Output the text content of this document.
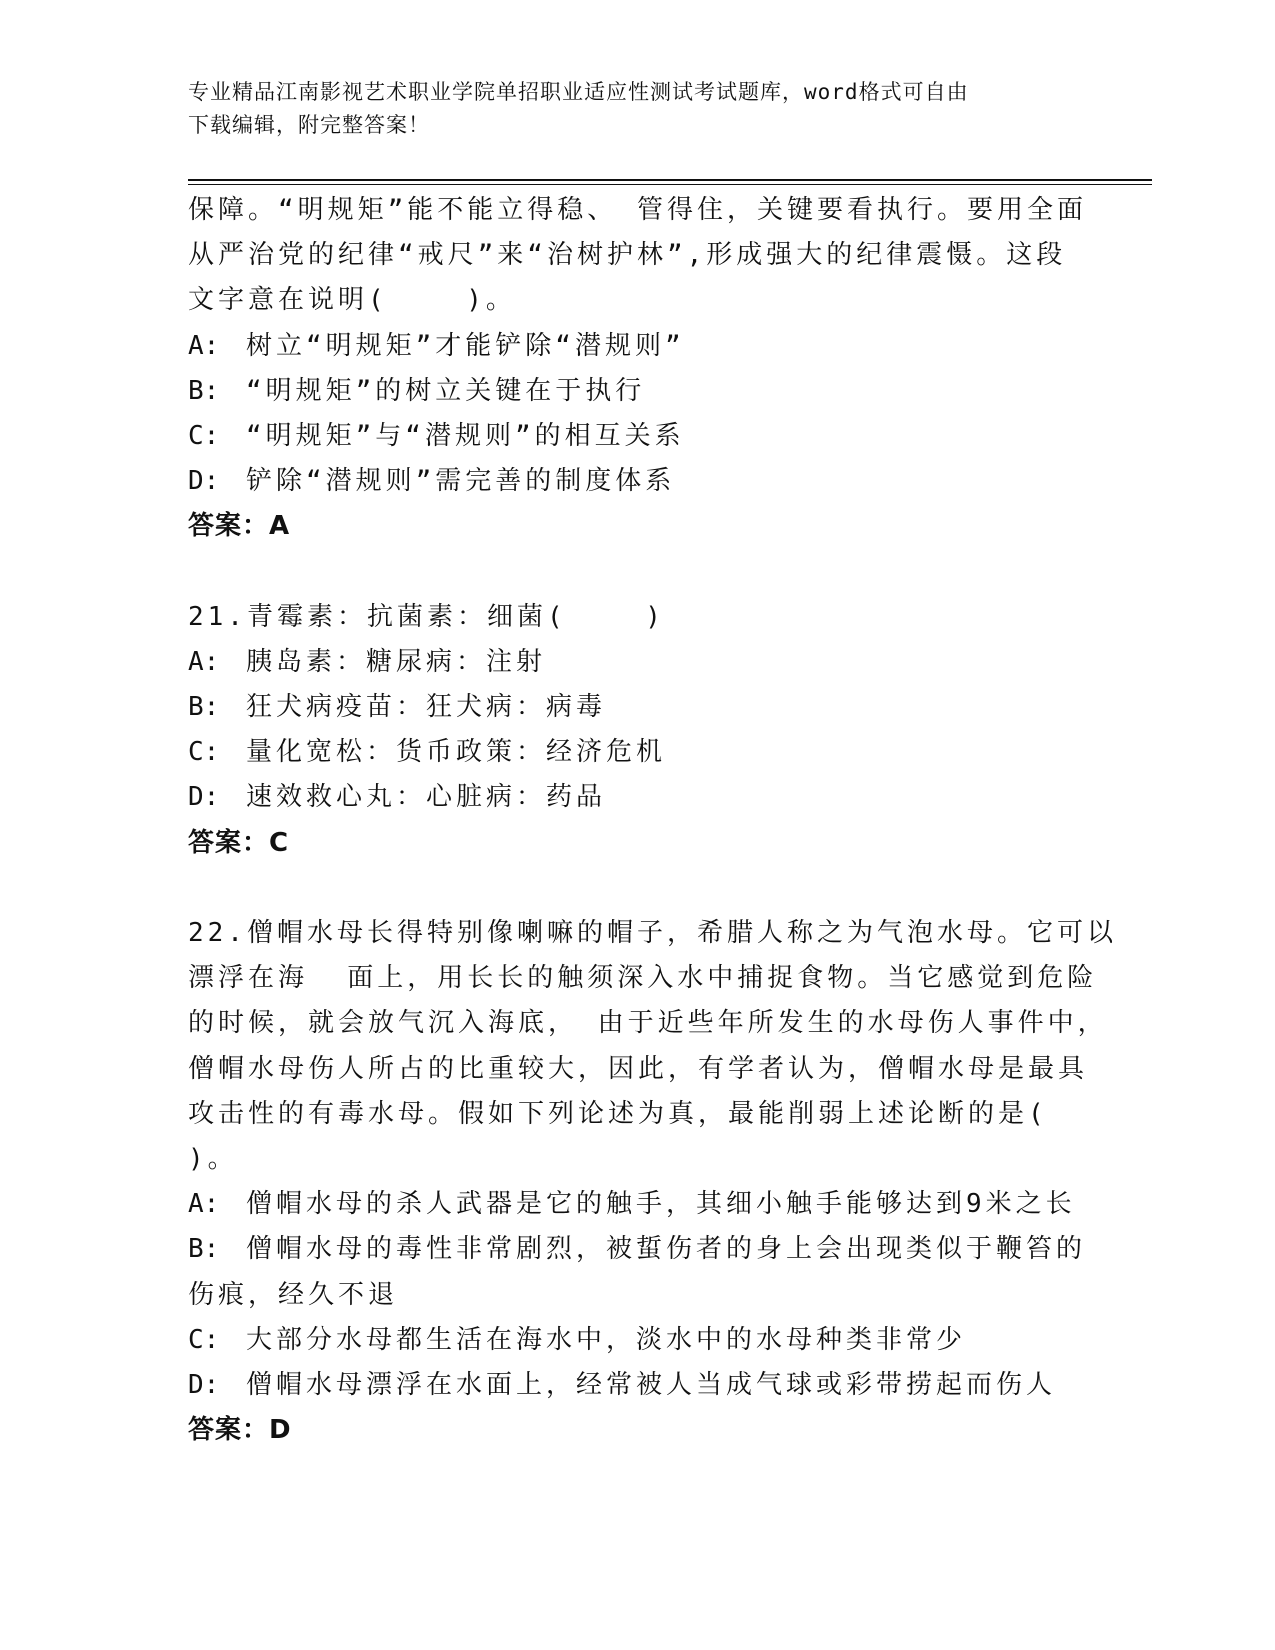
专业精品江南影视艺术职业学院单招职业适应性测试考试题库，word格式可自由
下载编辑，附完整答案！
保障。“明规矩”能不能立得稳、 管得住，关键要看执行。要用全面
从严治党的纪律“戒尺”来“治树护林”,形成强大的纪律震慑。这段
文字意在说明(    )。
A: 树立“明规矩”才能铲除“潜规则”
B: “明规矩”的树立关键在于执行
C: “明规矩”与“潜规则”的相互关系
D: 铲除“潜规则”需完善的制度体系
答案：A
21.青霉素：抗菌素：细菌(    )
A: 胰岛素：糖尿病：注射
B: 狂犬病疫苗：狂犬病：病毒
C: 量化宽松：货币政策：经济危机
D: 速效救心丸：心脏病：药品
答案：C
22.僧帽水母长得特别像喇嘛的帽子，希腊人称之为气泡水母。它可以
漂浮在海  面上，用长长的触须深入水中捕捉食物。当它感觉到危险
的时候，就会放气沉入海底， 由于近些年所发生的水母伤人事件中，
僧帽水母伤人所占的比重较大，因此，有学者认为，僧帽水母是最具
攻击性的有毒水母。假如下列论述为真，最能削弱上述论断的是(
)。
A: 僧帽水母的杀人武器是它的触手，其细小触手能够达到9米之长
B: 僧帽水母的毒性非常剧烈，被蜇伤者的身上会出现类似于鞭笞的
伤痕，经久不退
C: 大部分水母都生活在海水中，淡水中的水母种类非常少
D: 僧帽水母漂浮在水面上，经常被人当成气球或彩带捞起而伤人
答案：D
